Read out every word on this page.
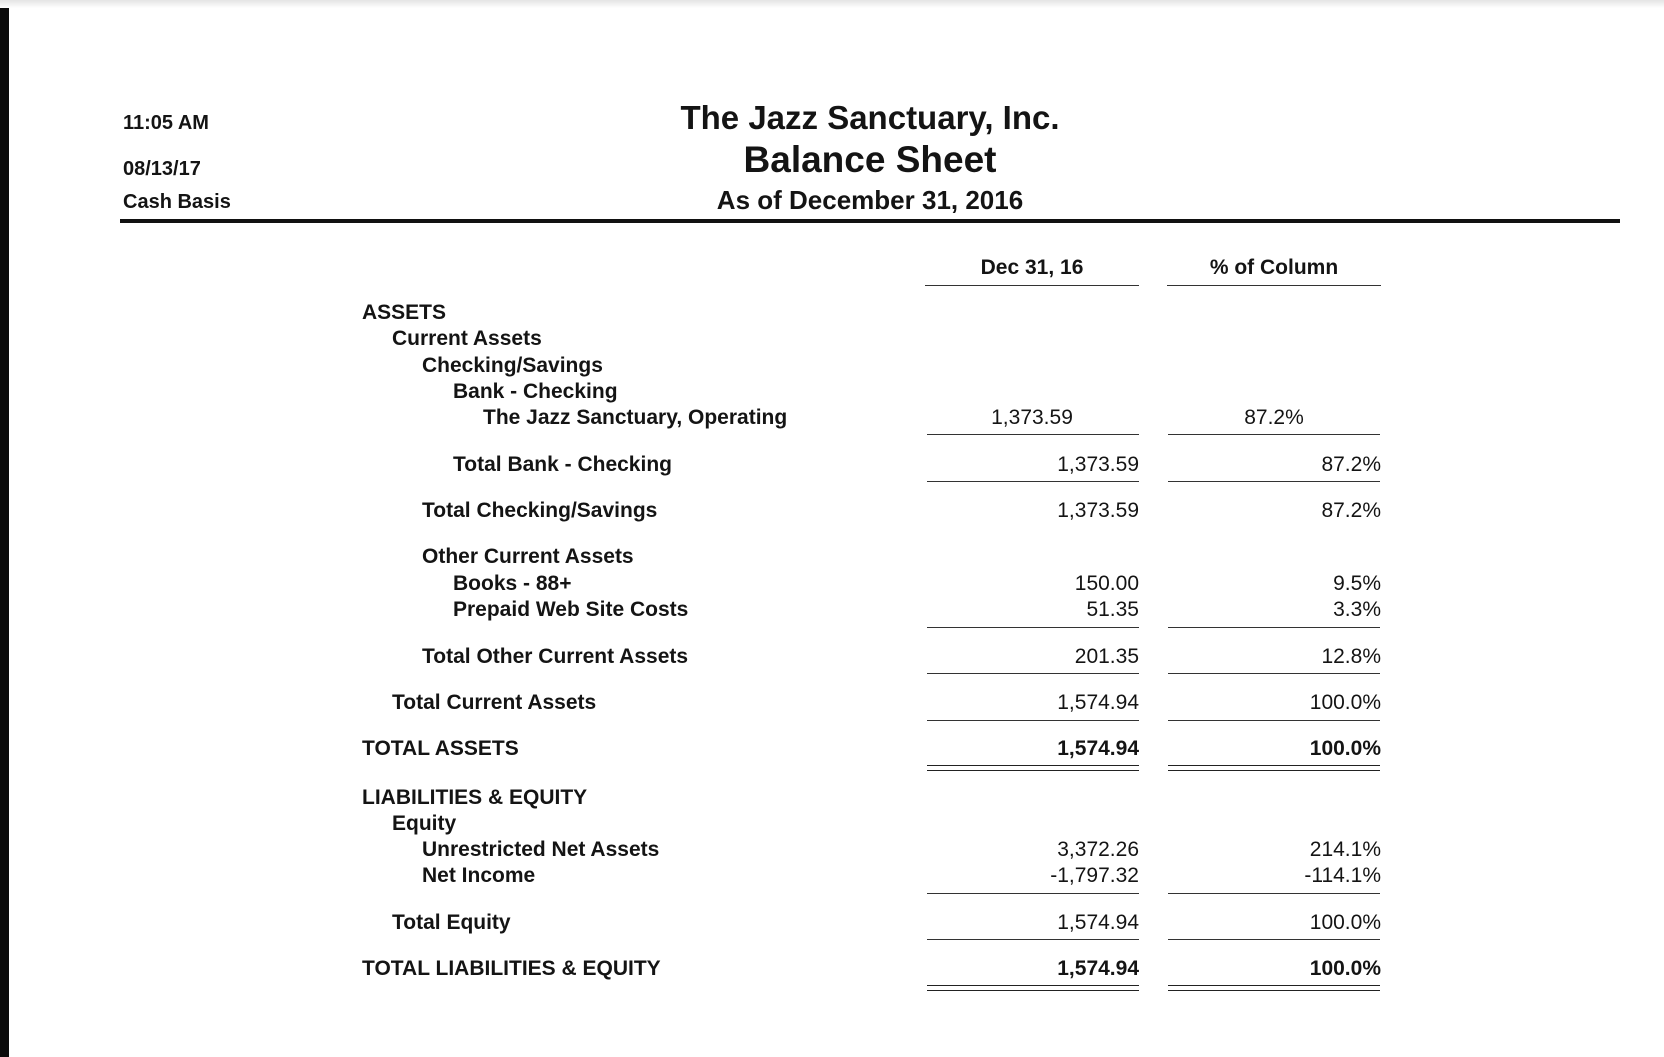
11:05 AM
08/13/17
Cash Basis
The Jazz Sanctuary, Inc.
Balance Sheet
As of December 31, 2016
Dec 31, 16	% of Column
ASSETS
Current Assets
Checking/Savings
Bank - Checking
The Jazz Sanctuary, Operating	1,373.59	87.2%
Total Bank - Checking	1,373.59	87.2%
Total Checking/Savings	1,373.59	87.2%
Other Current Assets
Books - 88+	150.00	9.5%
Prepaid Web Site Costs	51.35	3.3%
Total Other Current Assets	201.35	12.8%
Total Current Assets	1,574.94	100.0%
TOTAL ASSETS	1,574.94	100.0%
LIABILITIES & EQUITY
Equity
Unrestricted Net Assets	3,372.26	214.1%
Net Income	-1,797.32	-114.1%
Total Equity	1,574.94	100.0%
TOTAL LIABILITIES & EQUITY	1,574.94	100.0%
